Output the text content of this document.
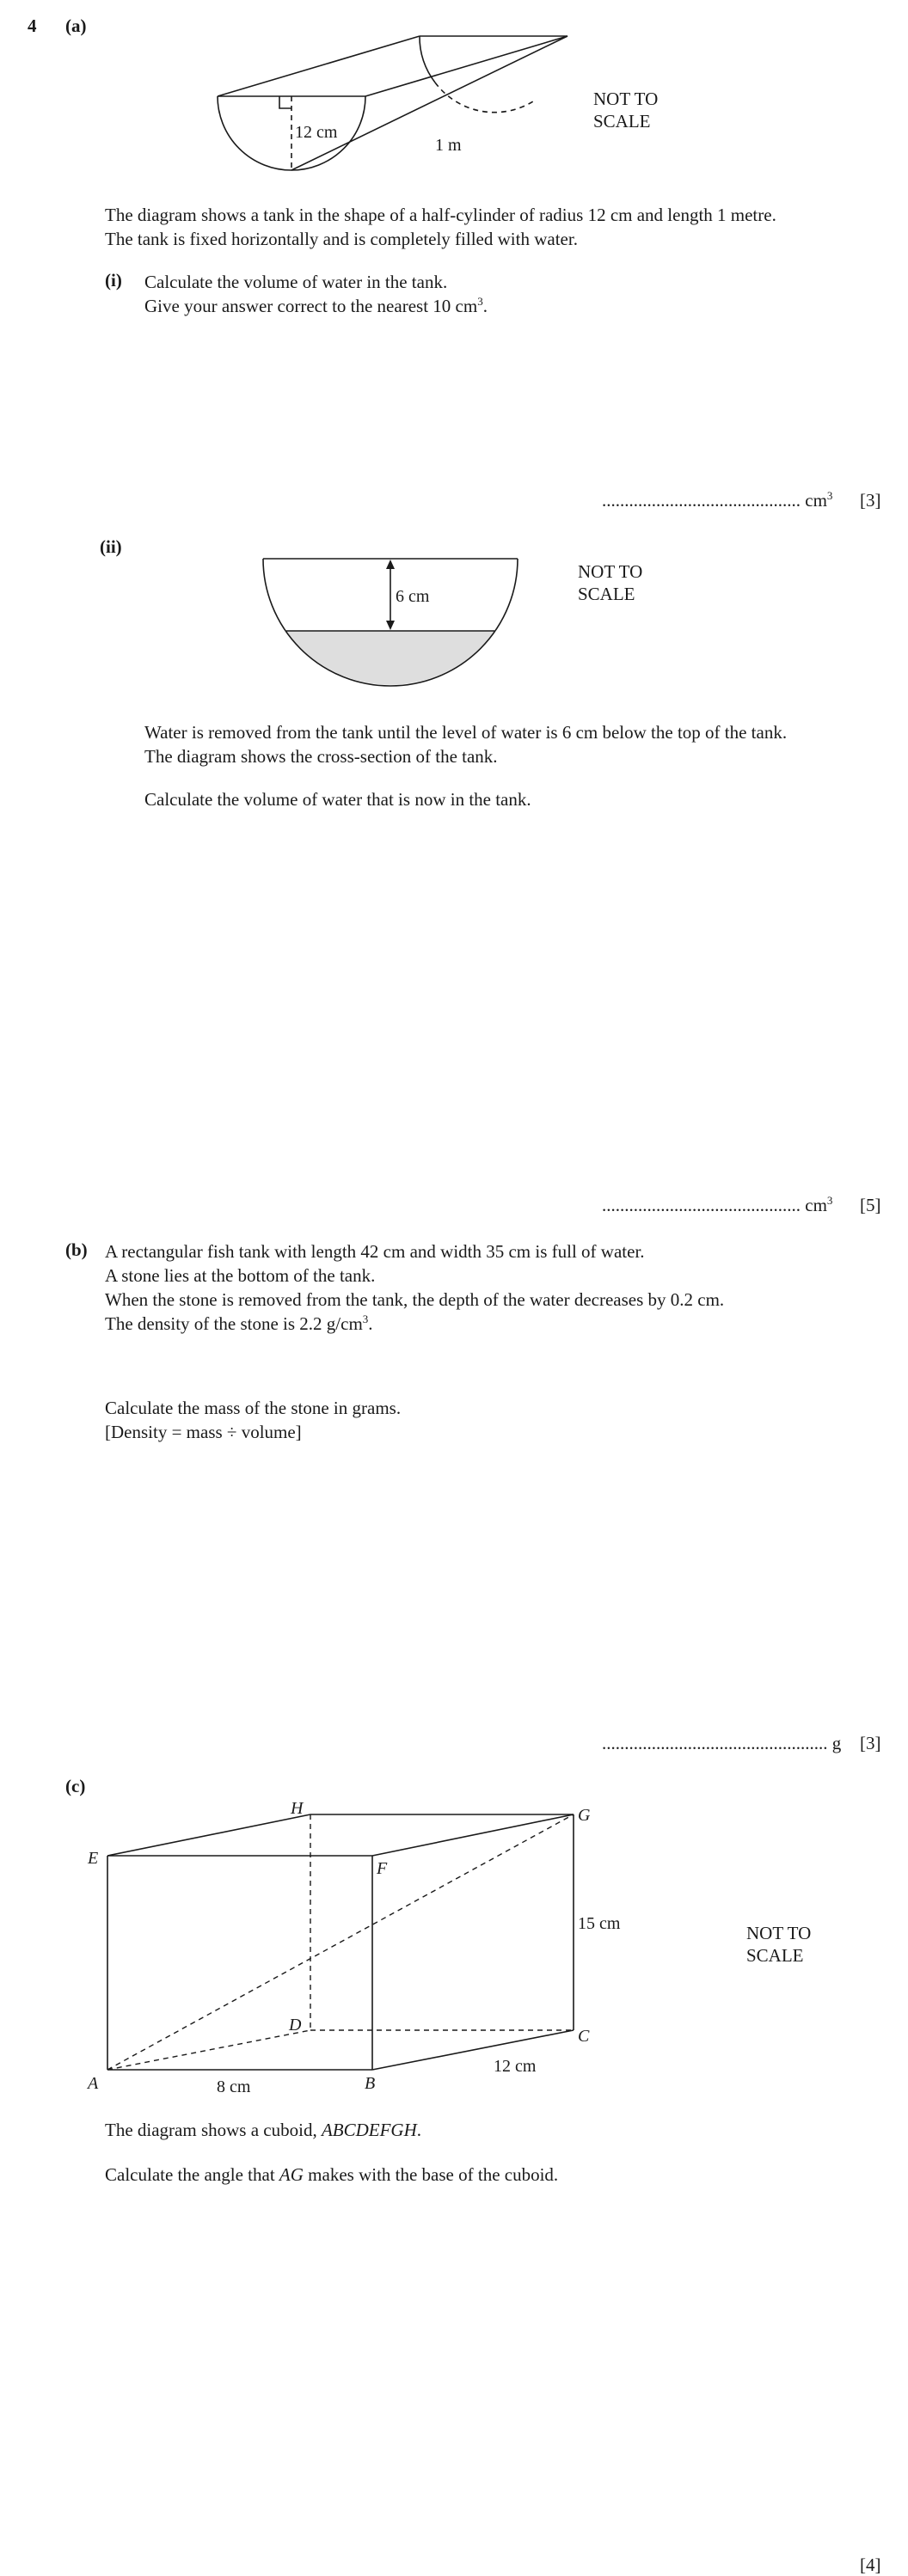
4 (a)
12 cm
1 m
NOT TO
SCALE
The diagram shows a tank in the shape of a half-cylinder of radius 12 cm and length 1 metre.
The tank is fixed horizontally and is completely filled with water.
(i) Calculate the volume of water in the tank.
Give your answer correct to the nearest 10 $cm^3$.
............................................ $cm^3$ [3]
(ii)
6 cm
NOT TO
SCALE
Water is removed from the tank until the level of water is 6 cm below the top of the tank.
The diagram shows the cross-section of the tank.
Calculate the volume of water that is now in the tank.
............................................ $cm^3$ [5]
(b) A rectangular fish tank with length 42 cm and width 35 cm is full of water.
A stone lies at the bottom of the tank.
When the stone is removed from the tank, the depth of the water decreases by 0.2 cm.
The density of the stone is 2.2 $g/cm^3$.
Calculate the mass of the stone in grams.
[Density = mass ÷ volume]
.................................................. g [3]
(c)
E
H	G
F
D
C
A	B
8 cm
12 cm
15 cm	NOT TO
SCALE
The diagram shows a cuboid, ABCDEFGH.
Calculate the angle that AG makes with the base of the cuboid.
[4]
